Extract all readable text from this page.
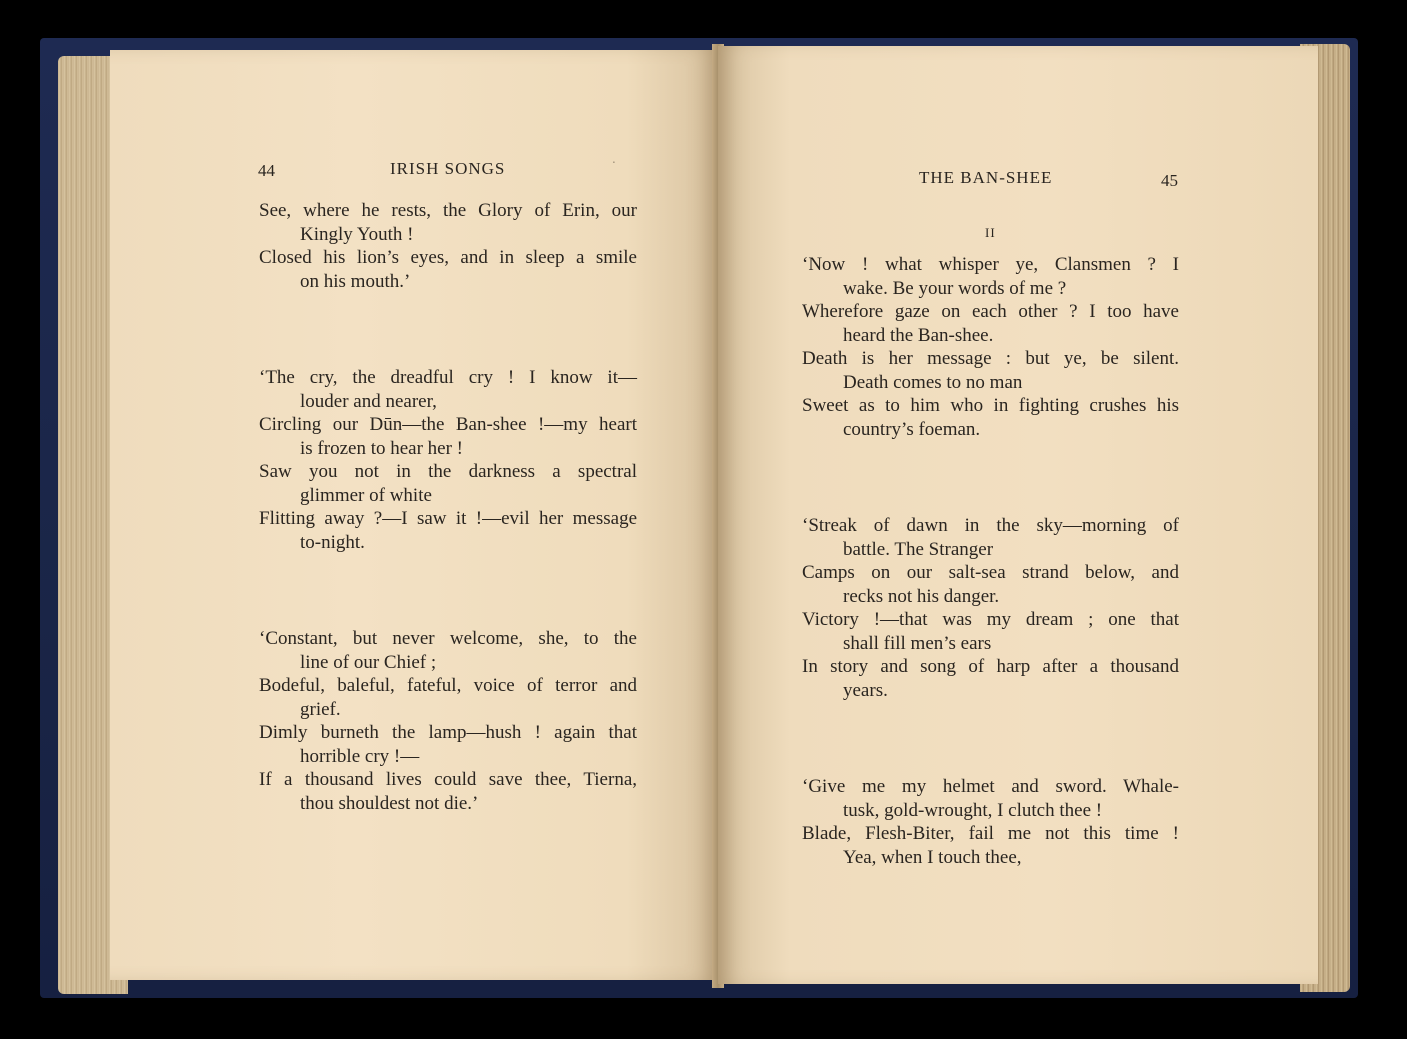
44	IRISH SONGS	⋅
See, where he rests, the Glory of Erin, our
Kingly Youth !
Closed his lion’s eyes, and in sleep a smile
on his mouth.’
‘The cry, the dreadful cry ! I know it—
louder and nearer,
Circling our Dūn—the Ban-shee !—my heart
is frozen to hear her !
Saw you not in the darkness a spectral
glimmer of white
Flitting away ?—I saw it !—evil her message
to-night.
‘Constant, but never welcome, she, to the
line of our Chief ;
Bodeful, baleful, fateful, voice of terror and
grief.
Dimly burneth the lamp—hush ! again that
horrible cry !—
If a thousand lives could save thee, Tierna,
thou shouldest not die.’
THE BAN-SHEE	45
II
‘Now ! what whisper ye, Clansmen ? I
wake. Be your words of me ?
Wherefore gaze on each other ? I too have
heard the Ban-shee.
Death is her message : but ye, be silent.
Death comes to no man
Sweet as to him who in fighting crushes his
country’s foeman.
‘Streak of dawn in the sky—morning of
battle. The Stranger
Camps on our salt-sea strand below, and
recks not his danger.
Victory !—that was my dream ; one that
shall fill men’s ears
In story and song of harp after a thousand
years.
‘Give me my helmet and sword. Whale-
tusk, gold-wrought, I clutch thee !
Blade, Flesh-Biter, fail me not this time !
Yea, when I touch thee,
